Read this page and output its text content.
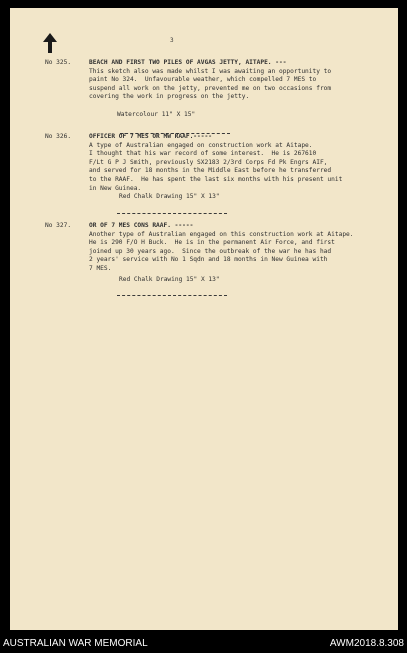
3
No 325.	BEACH AND FIRST TWO PILES OF AVGAS JETTY, AITAPE. ---
This sketch also was made whilst I was awaiting an opportunity to
paint No 324.  Unfavourable weather, which compelled 7 MES to
suspend all work on the jetty, prevented me on two occasions from
covering the work in progress on the jetty.
Watercolour 11" X 15"
No 326.	OFFICER OF 7 MES OR MW RAAF.-----
A type of Australian engaged on construction work at Aitape.
I thought that his war record of some interest.  He is 267610
F/Lt G P J Smith, previously SX2183 2/3rd Corps Fd Pk Engrs AIF,
and served for 18 months in the Middle East before he transferred
to the RAAF.  He has spent the last six months with his present unit
in New Guinea.
Red Chalk Drawing 15" X 13"
No 327.	OR OF 7 MES CONS RAAF. -----
Another type of Australian engaged on this construction work at Aitape.
He is 290 F/O H Buck.  He is in the permanent Air Force, and first
joined up 30 years ago.  Since the outbreak of the war he has had
2 years' service with No 1 Sqdn and 18 months in New Guinea with
7 MES.
Red Chalk Drawing 15" X 13"
AUSTRALIAN WAR MEMORIAL	AWM2018.8.308
